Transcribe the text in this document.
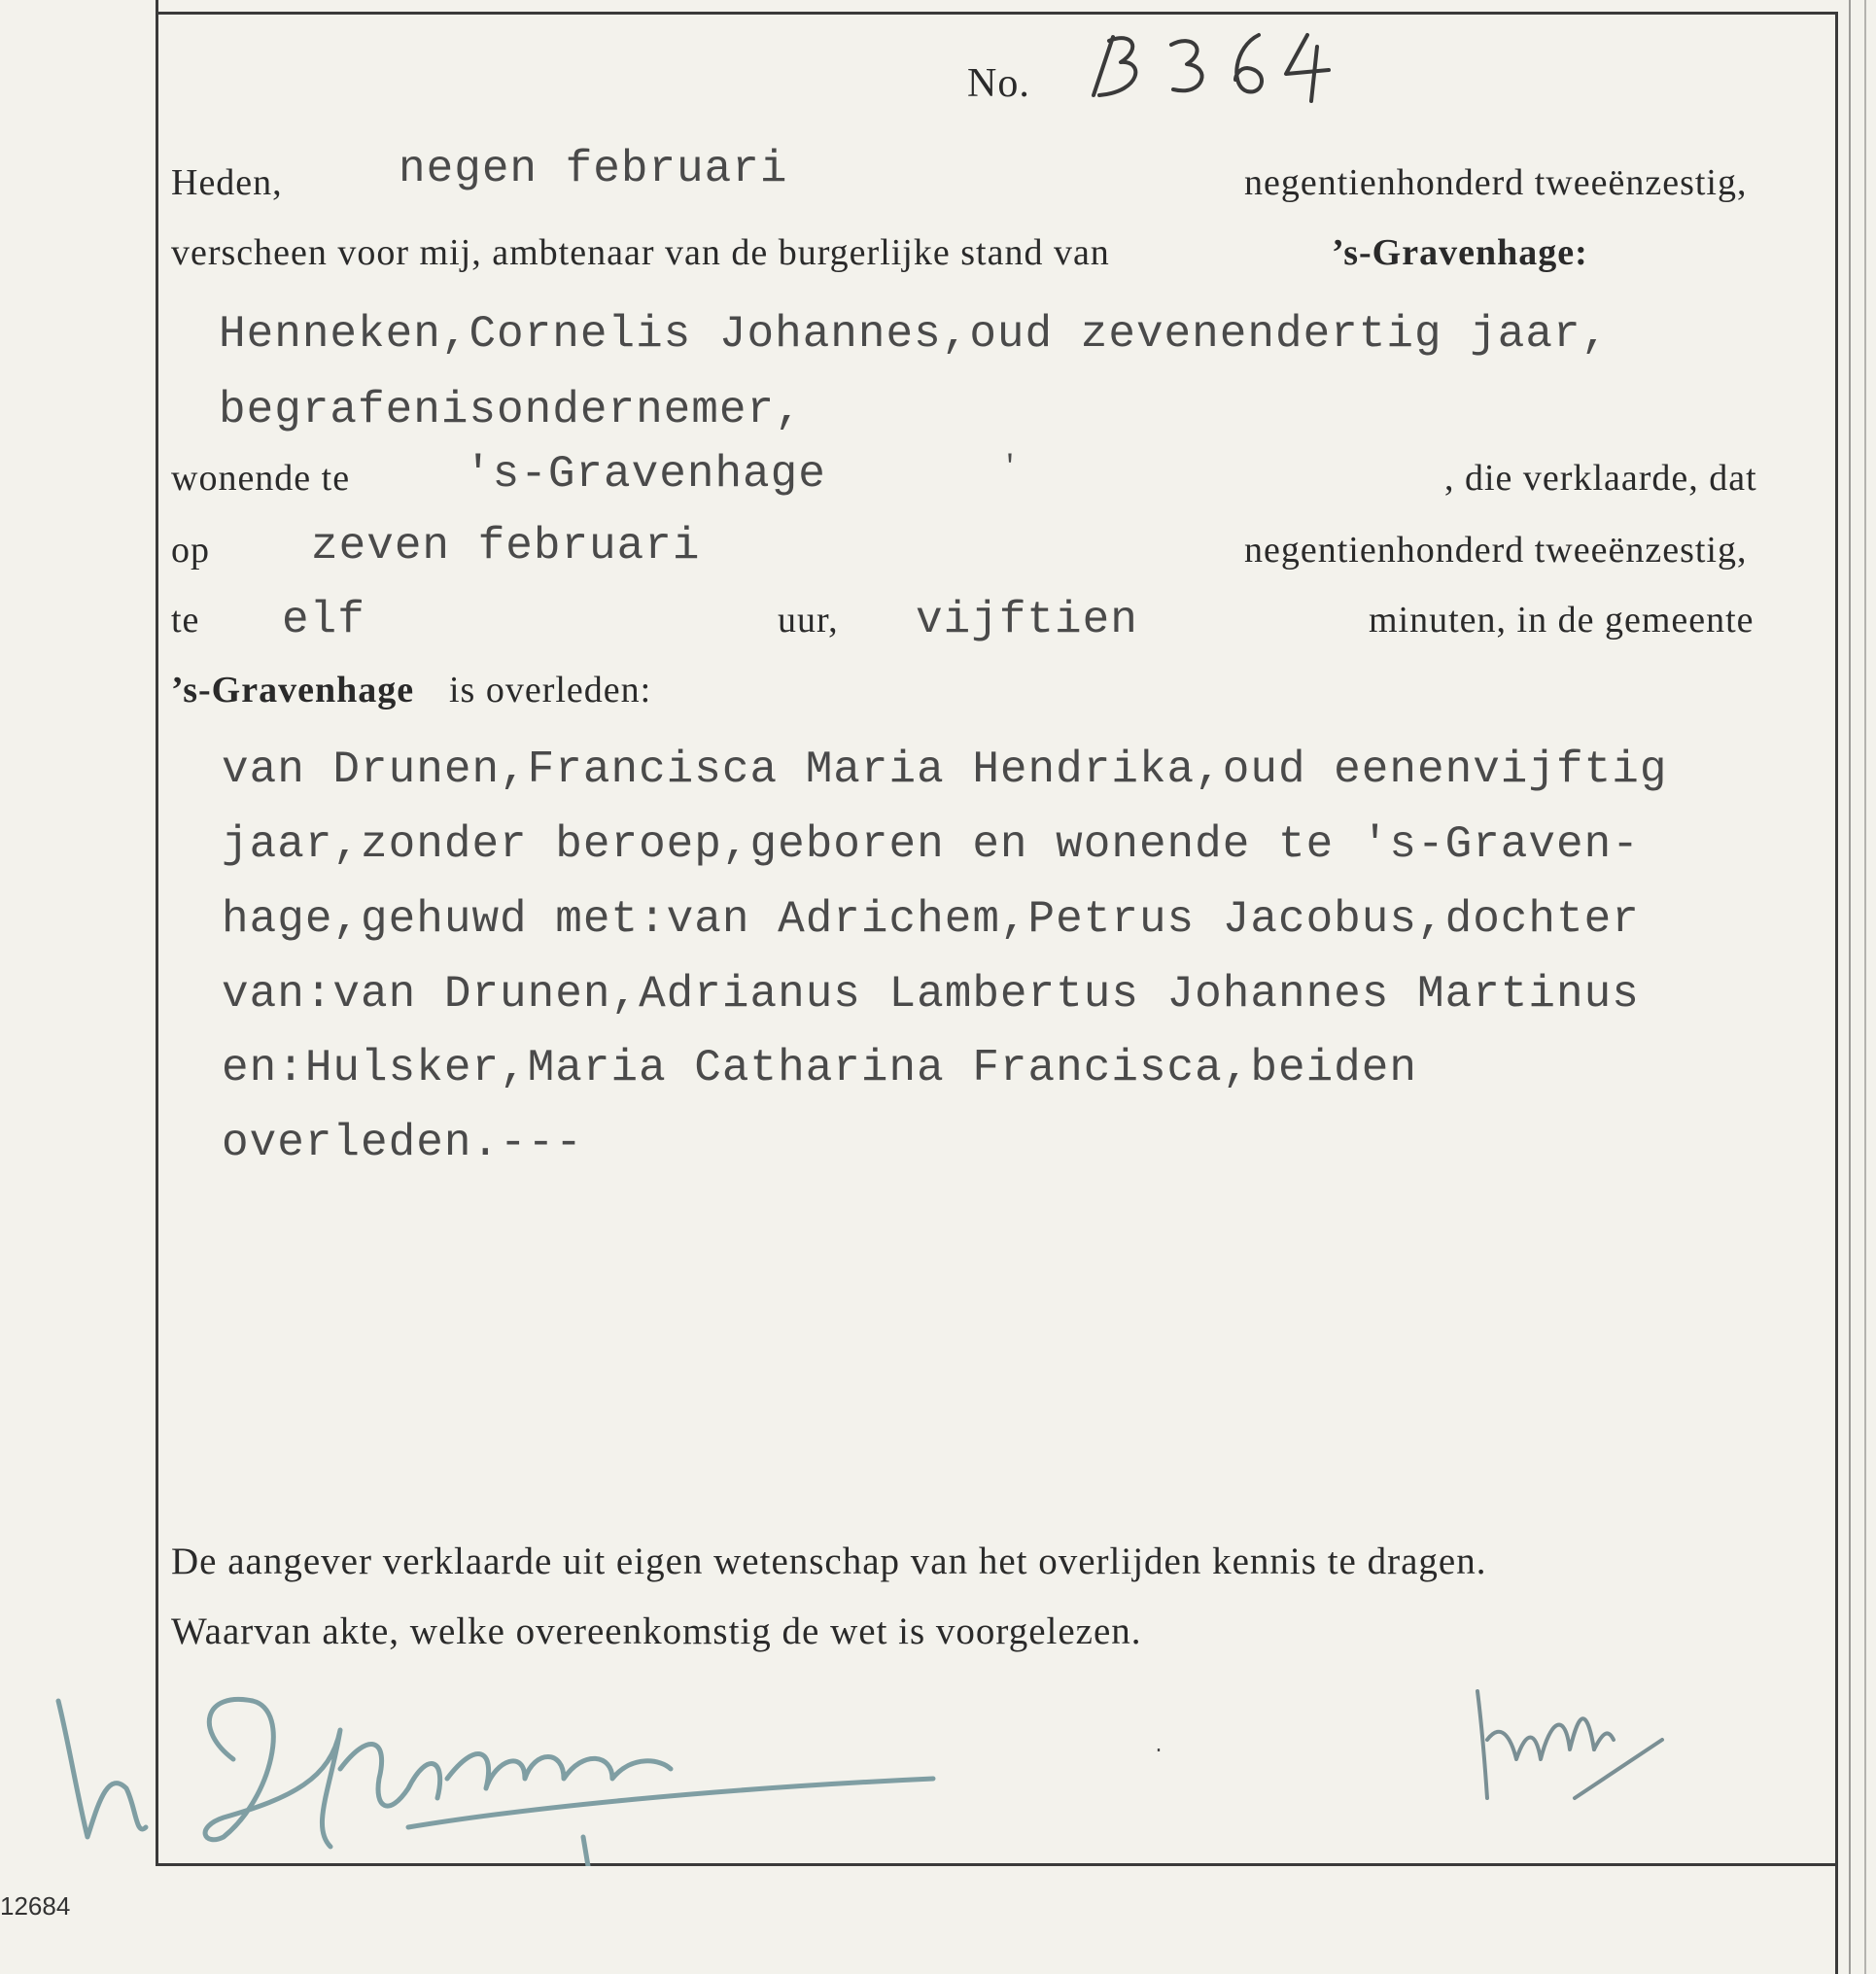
No.
Heden,	negen februari	negentienhonderd tweeënzestig,
verscheen voor mij, ambtenaar van de burgerlijke stand van	’s-Gravenhage:
Henneken,Cornelis Johannes,oud zevenendertig jaar,
begrafenisondernemer,
wonende te	's-Gravenhage	'	, die verklaarde, dat
op zeven februari	negentienhonderd tweeënzestig,
te elf	uur, vijftien	minuten, in de gemeente
’s-Gravenhage is overleden:
van Drunen,Francisca Maria Hendrika,oud eenenvijftig
jaar,zonder beroep,geboren en wonende te 's-Graven-
hage,gehuwd met:van Adrichem,Petrus Jacobus,dochter
van:van Drunen,Adrianus Lambertus Johannes Martinus
en:Hulsker,Maria Catharina Francisca,beiden
overleden.---
De aangever verklaarde uit eigen wetenschap van het overlijden kennis te dragen.
Waarvan akte, welke overeenkomstig de wet is voorgelezen.
·
12684
